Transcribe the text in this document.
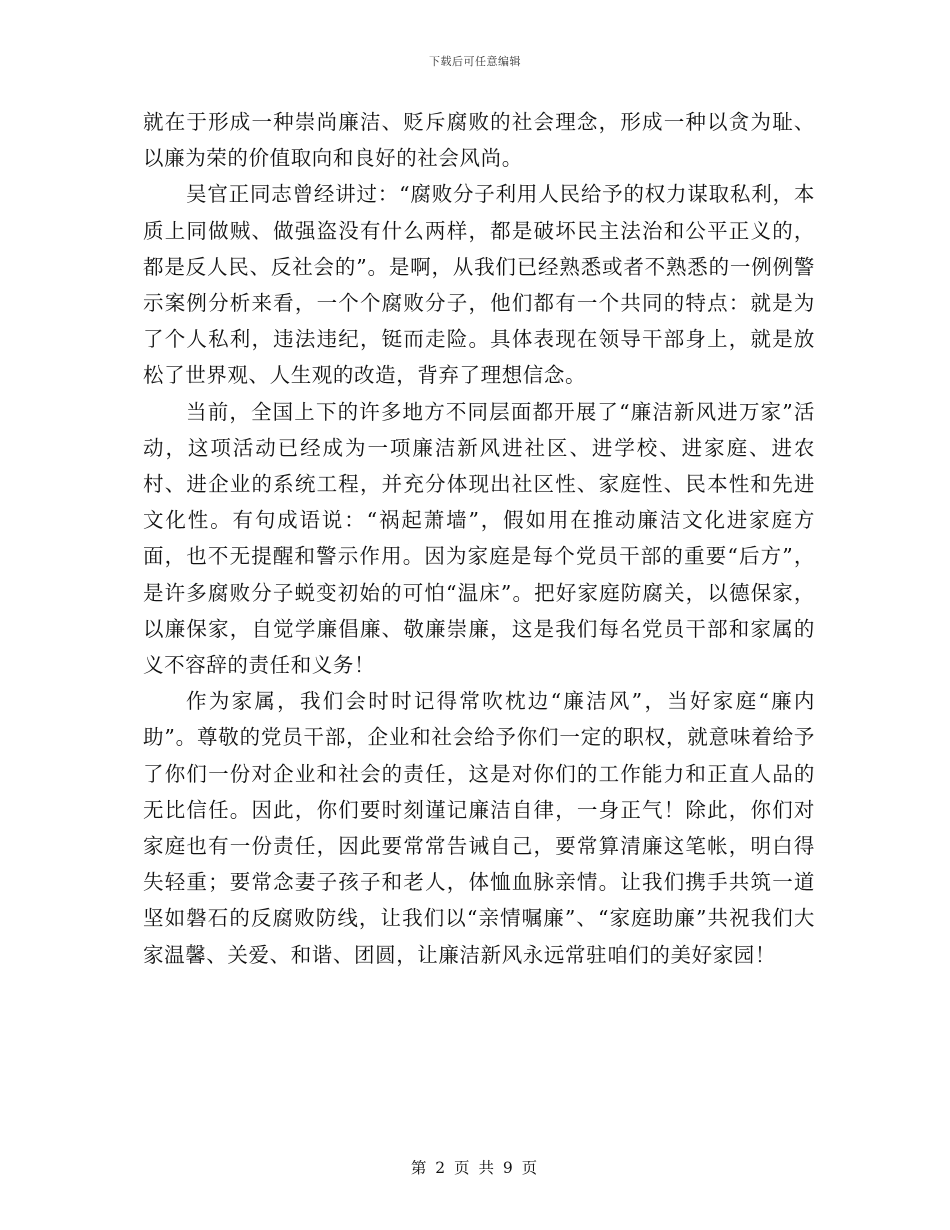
下载后可任意编辑

就在于形成一种崇尚廉洁、贬斥腐败的社会理念，形成一种以贪为耻、以廉为荣的价值取向和良好的社会风尚。

吴官正同志曾经讲过：“腐败分子利用人民给予的权力谋取私利，本质上同做贼、做强盗没有什么两样，都是破坏民主法治和公平正义的，都是反人民、反社会的”。是啊，从我们已经熟悉或者不熟悉的一例例警示案例分析来看，一个个腐败分子，他们都有一个共同的特点：就是为了个人私利，违法违纪，铤而走险。具体表现在领导干部身上，就是放松了世界观、人生观的改造，背弃了理想信念。

当前，全国上下的许多地方不同层面都开展了“廉洁新风进万家”活动，这项活动已经成为一项廉洁新风进社区、进学校、进家庭、进农村、进企业的系统工程，并充分体现出社区性、家庭性、民本性和先进文化性。有句成语说：“祸起萧墙”，假如用在推动廉洁文化进家庭方面，也不无提醒和警示作用。因为家庭是每个党员干部的重要“后方”，是许多腐败分子蜕变初始的可怕“温床”。把好家庭防腐关，以德保家，以廉保家，自觉学廉倡廉、敬廉崇廉，这是我们每名党员干部和家属的义不容辞的责任和义务！

作为家属，我们会时时记得常吹枕边“廉洁风”，当好家庭“廉内助”。尊敬的党员干部，企业和社会给予你们一定的职权，就意味着给予了你们一份对企业和社会的责任，这是对你们的工作能力和正直人品的无比信任。因此，你们要时刻谨记廉洁自律，一身正气！除此，你们对家庭也有一份责任，因此要常常告诫自己，要常算清廉这笔帐，明白得失轻重；要常念妻子孩子和老人，体恤血脉亲情。让我们携手共筑一道坚如磐石的反腐败防线，让我们以“亲情嘱廉”、“家庭助廉”共祝我们大家温馨、关爱、和谐、团圆，让廉洁新风永远常驻咱们的美好家园！

第 2 页 共 9 页
